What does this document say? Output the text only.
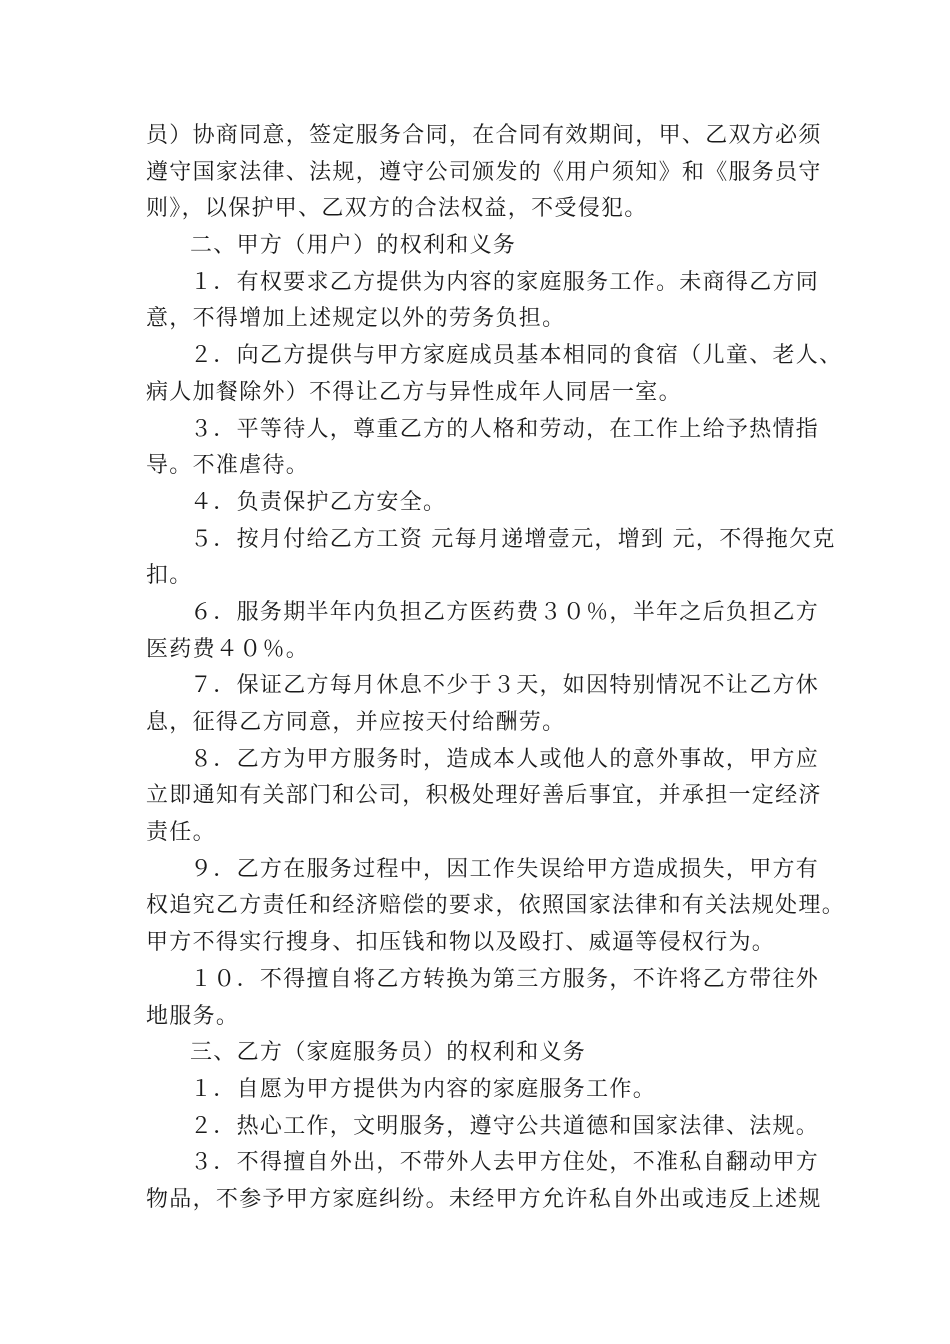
员）协商同意，签定服务合同，在合同有效期间，甲、乙双方必须
遵守国家法律、法规，遵守公司颁发的《用户须知》和《服务员守
则》，以保护甲、乙双方的合法权益，不受侵犯。
二、甲方（用户）的权利和义务
１．有权要求乙方提供为内容的家庭服务工作。未商得乙方同
意，不得增加上述规定以外的劳务负担。
２．向乙方提供与甲方家庭成员基本相同的食宿（儿童、老人、
病人加餐除外）不得让乙方与异性成年人同居一室。
３．平等待人，尊重乙方的人格和劳动，在工作上给予热情指
导。不准虐待。
４．负责保护乙方安全。
５．按月付给乙方工资 元每月递增壹元，增到 元，不得拖欠克
扣。
６．服务期半年内负担乙方医药费３０％，半年之后负担乙方
医药费４０％。
７．保证乙方每月休息不少于３天，如因特别情况不让乙方休
息，征得乙方同意，并应按天付给酬劳。
８．乙方为甲方服务时，造成本人或他人的意外事故，甲方应
立即通知有关部门和公司，积极处理好善后事宜，并承担一定经济
责任。
９．乙方在服务过程中，因工作失误给甲方造成损失，甲方有
权追究乙方责任和经济赔偿的要求，依照国家法律和有关法规处理。
甲方不得实行搜身、扣压钱和物以及殴打、威逼等侵权行为。
１０．不得擅自将乙方转换为第三方服务，不许将乙方带往外
地服务。
三、乙方（家庭服务员）的权利和义务
１．自愿为甲方提供为内容的家庭服务工作。
２．热心工作，文明服务，遵守公共道德和国家法律、法规。
３．不得擅自外出，不带外人去甲方住处，不准私自翻动甲方
物品，不参予甲方家庭纠纷。未经甲方允许私自外出或违反上述规
